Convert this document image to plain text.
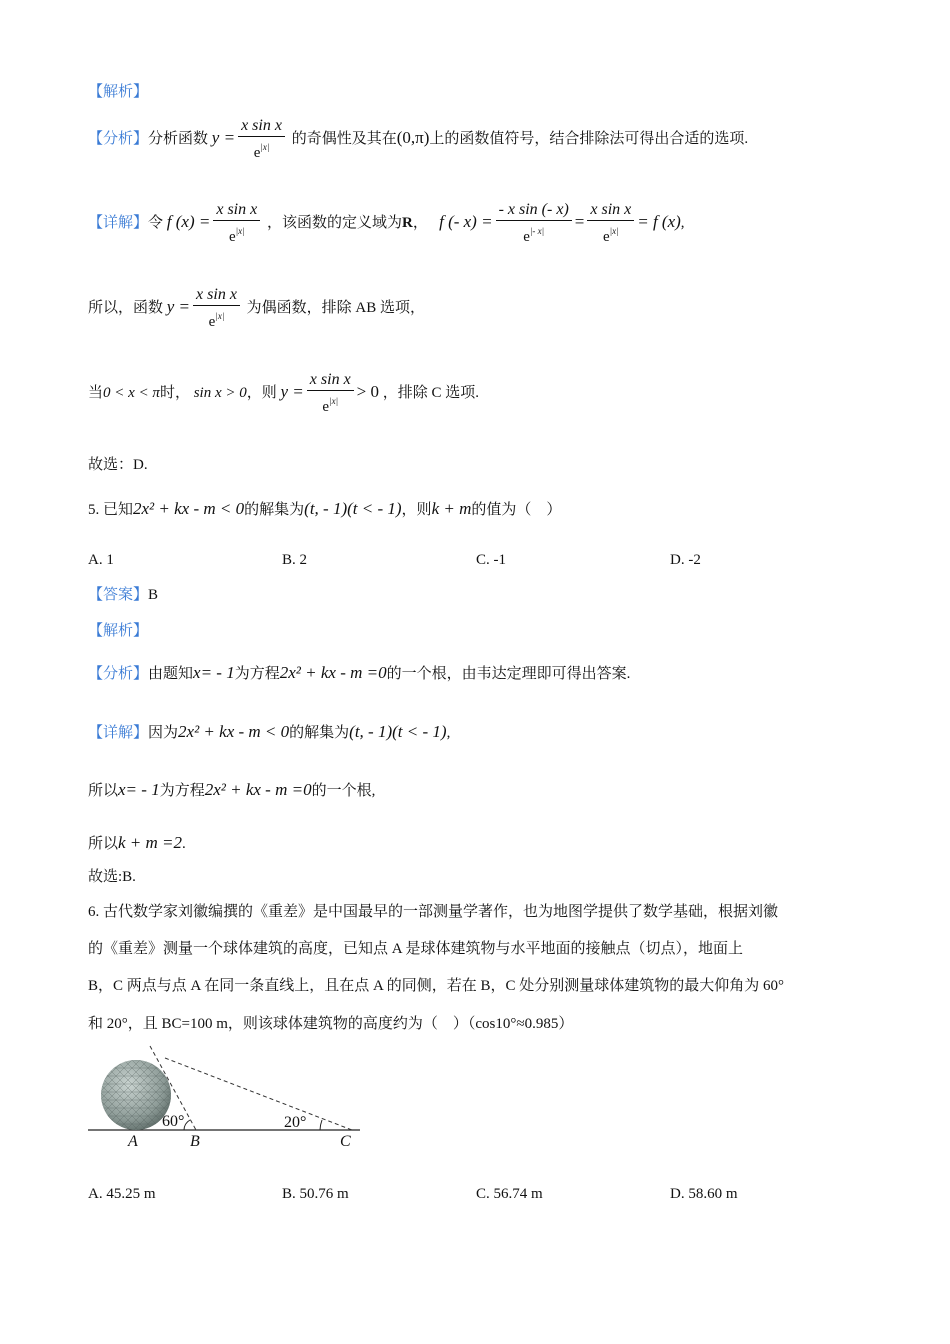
【解析】
【分析】分析函数 $y = \frac{\text{x sin x}}{e^{|x|}}$ 的奇偶性及其在(0,π)上的函数值符号，结合排除法可得出合适的选项.
【详解】令 f $(x) = \frac{\text{x sin x}}{e^{|x|}}$ ，该函数的定义域为R， f (- $x) = \frac{\text{- x sin (- x)}}{e^{|- x|}} = \frac{\text{x sin x}}{e^{|x|}} = f$ (x),
所以，函数 $y = \frac{\text{x sin x}}{e^{|x|}}$ 为偶函数，排除 AB 选项，
当0 < x < π时， sin x > 0，则 $y = \frac{\text{x sin x}}{e^{|x|}} > 0$ ，排除 C 选项.
故选：D.
5. 已知2x² + kx - m < 0的解集为(t, - 1)(t < - 1)，则k + m的值为（　）
A. 1	B. 2	C. -1	D. -2
【答案】B
【解析】
【分析】由题知x= - 1为方程2x² + kx - m =0的一个根，由韦达定理即可得出答案.
【详解】因为2x² + kx - m < 0的解集为(t, - 1)(t < - 1),
所以x= - 1为方程2x² + kx - m =0的一个根,
所以k + m =2.
故选:B.
6. 古代数学家刘徽编撰的《重差》是中国最早的一部测量学著作，也为地图学提供了数学基础，根据刘徽
的《重差》测量一个球体建筑的高度，已知点 A 是球体建筑物与水平地面的接触点（切点），地面上
B，C 两点与点 A 在同一条直线上，且在点 A 的同侧，若在 B，C 处分别测量球体建筑物的最大仰角为 60°
和 20°，且 BC=100 m，则该球体建筑物的高度约为（　）（cos10°≈0.985）
60°	20°
A	B	C
A. 45.25 m	B. 50.76 m	C. 56.74 m	D. 58.60 m
